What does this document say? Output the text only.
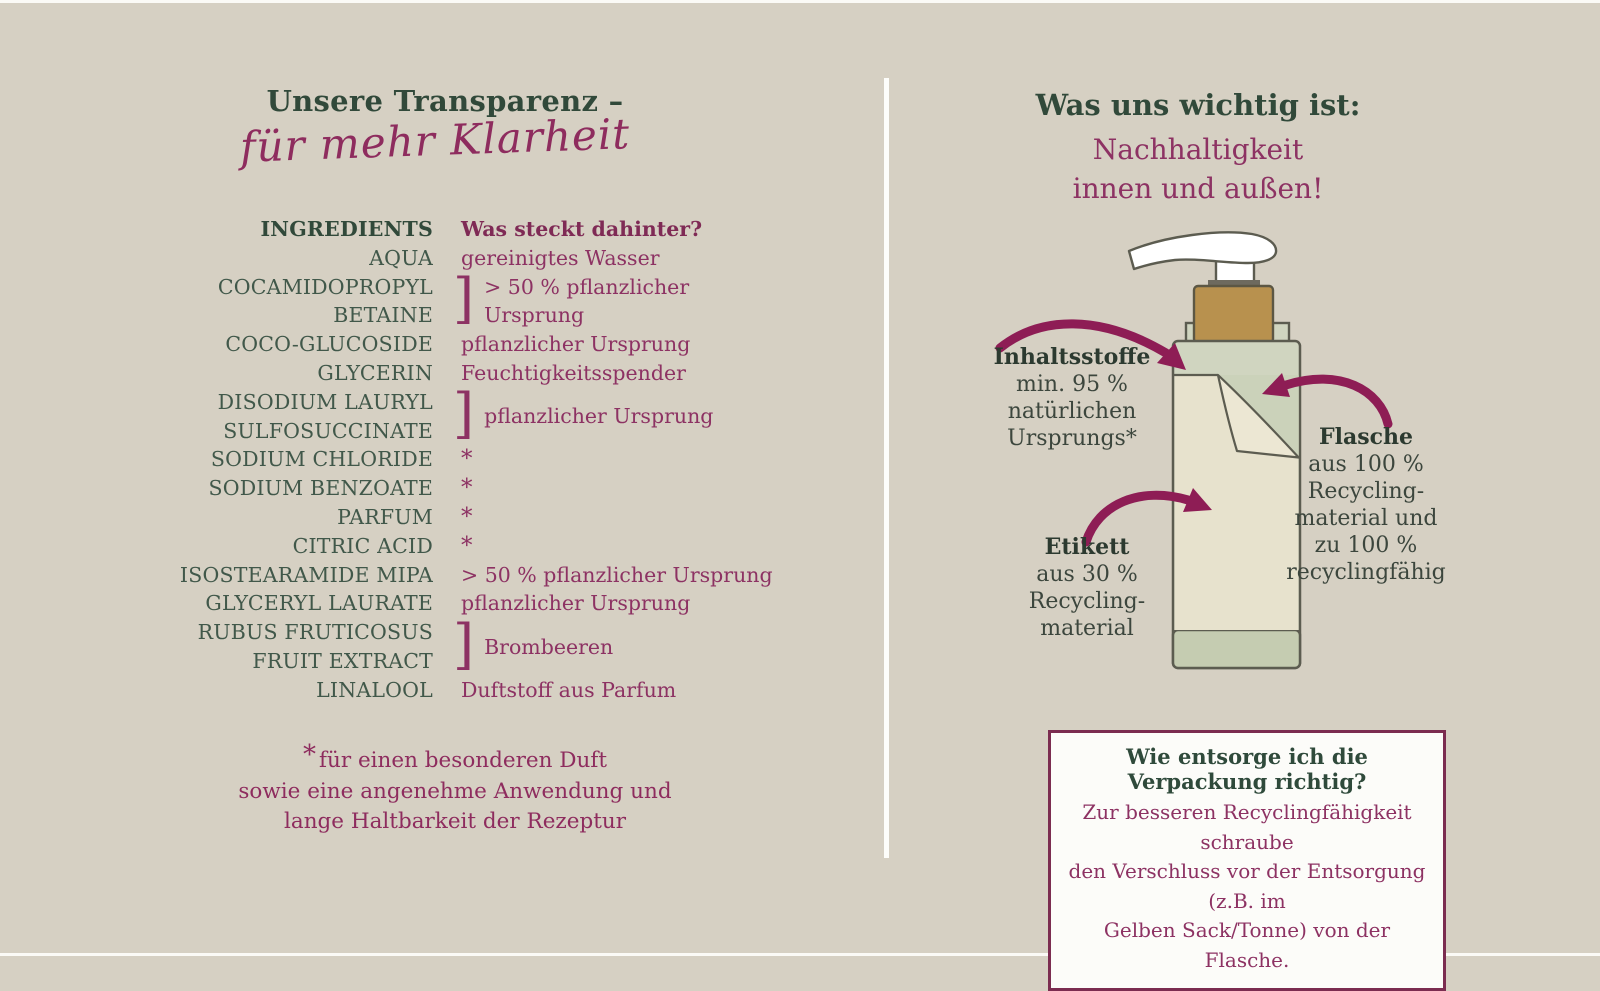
Unsere Transparenz –
für mehr Klarheit
INGREDIENTS Was steckt dahinter?
AQUA gereinigtes Wasser
COCAMIDOPROPYL
BETAINE ] > 50 % pflanzlicher
Ursprung
COCO-GLUCOSIDE pflanzlicher Ursprung
GLYCERIN Feuchtigkeitsspender
DISODIUM LAURYL
SULFOSUCCINATE ] pflanzlicher Ursprung
SODIUM CHLORIDE *
SODIUM BENZOATE *
PARFUM *
CITRIC ACID *
ISOSTEARAMIDE MIPA > 50 % pflanzlicher Ursprung
GLYCERYL LAURATE pflanzlicher Ursprung
RUBUS FRUTICOSUS
FRUIT EXTRACT ] Brombeeren
LINALOOL Duftstoff aus Parfum
* für einen besonderen Duft
sowie eine angenehme Anwendung und
lange Haltbarkeit der Rezeptur
Was uns wichtig ist:
Nachhaltigkeit
innen und außen!
Inhaltsstoffe
min. 95 %
natürlichen
Ursprungs*	Flasche
aus 100 %
Recycling-
material und
zu 100 %
recyclingfähig
Etikett
aus 30 %
Recycling-
material
Wie entsorge ich die Verpackung richtig?
Zur besseren Recyclingfähigkeit schraube
den Verschluss vor der Entsorgung (z.B. im
Gelben Sack/Tonne) von der Flasche.
